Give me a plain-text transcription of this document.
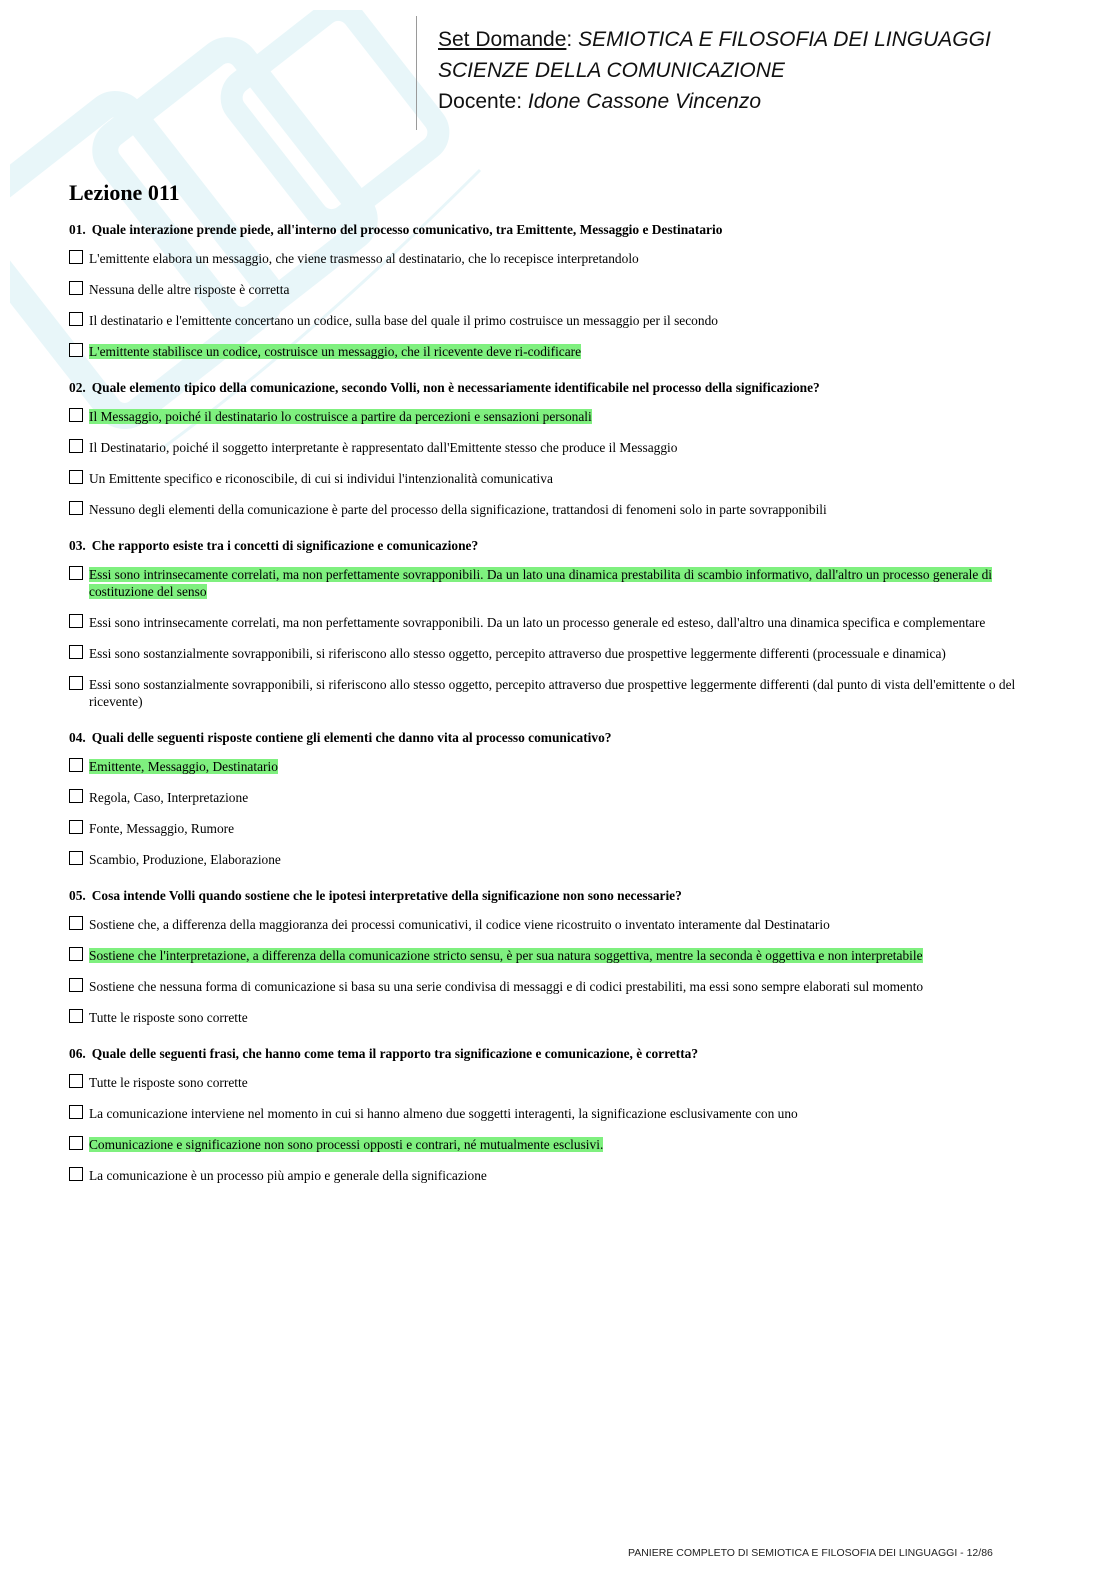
Set Domande: SEMIOTICA E FILOSOFIA DEI LINGUAGGI
SCIENZE DELLA COMUNICAZIONE
Docente: Idone Cassone Vincenzo
Lezione 011
01. Quale interazione prende piede, all'interno del processo comunicativo, tra Emittente, Messaggio e Destinatario
L'emittente elabora un messaggio, che viene trasmesso al destinatario, che lo recepisce interpretandolo
Nessuna delle altre risposte è corretta
Il destinatario e l'emittente concertano un codice, sulla base del quale il primo costruisce un messaggio per il secondo
L'emittente stabilisce un codice, costruisce un messaggio, che il ricevente deve ri-codificare
02. Quale elemento tipico della comunicazione, secondo Volli, non è necessariamente identificabile nel processo della significazione?
Il Messaggio, poiché il destinatario lo costruisce a partire da percezioni e sensazioni personali
Il Destinatario, poiché il soggetto interpretante è rappresentato dall'Emittente stesso che produce il Messaggio
Un Emittente specifico e riconoscibile, di cui si individui l'intenzionalità comunicativa
Nessuno degli elementi della comunicazione è parte del processo della significazione, trattandosi di fenomeni solo in parte sovrapponibili
03. Che rapporto esiste tra i concetti di significazione e comunicazione?
Essi sono intrinsecamente correlati, ma non perfettamente sovrapponibili. Da un lato una dinamica prestabilita di scambio informativo, dall'altro un processo generale di costituzione del senso
Essi sono intrinsecamente correlati, ma non perfettamente sovrapponibili. Da un lato un processo generale ed esteso, dall'altro una dinamica specifica e complementare
Essi sono sostanzialmente sovrapponibili, si riferiscono allo stesso oggetto, percepito attraverso due prospettive leggermente differenti (processuale e dinamica)
Essi sono sostanzialmente sovrapponibili, si riferiscono allo stesso oggetto, percepito attraverso due prospettive leggermente differenti (dal punto di vista dell'emittente o del ricevente)
04. Quali delle seguenti risposte contiene gli elementi che danno vita al processo comunicativo?
Emittente, Messaggio, Destinatario
Regola, Caso, Interpretazione
Fonte, Messaggio, Rumore
Scambio, Produzione, Elaborazione
05. Cosa intende Volli quando sostiene che le ipotesi interpretative della significazione non sono necessarie?
Sostiene che, a differenza della maggioranza dei processi comunicativi, il codice viene ricostruito o inventato interamente dal Destinatario
Sostiene che l'interpretazione, a differenza della comunicazione stricto sensu, è per sua natura soggettiva, mentre la seconda è oggettiva e non interpretabile
Sostiene che nessuna forma di comunicazione si basa su una serie condivisa di messaggi e di codici prestabiliti, ma essi sono sempre elaborati sul momento
Tutte le risposte sono corrette
06. Quale delle seguenti frasi, che hanno come tema il rapporto tra significazione e comunicazione, è corretta?
Tutte le risposte sono corrette
La comunicazione interviene nel momento in cui si hanno almeno due soggetti interagenti, la significazione esclusivamente con uno
Comunicazione e significazione non sono processi opposti e contrari, né mutualmente esclusivi.
La comunicazione è un processo più ampio e generale della significazione
PANIERE COMPLETO DI SEMIOTICA E FILOSOFIA DEI LINGUAGGI - 12/86
